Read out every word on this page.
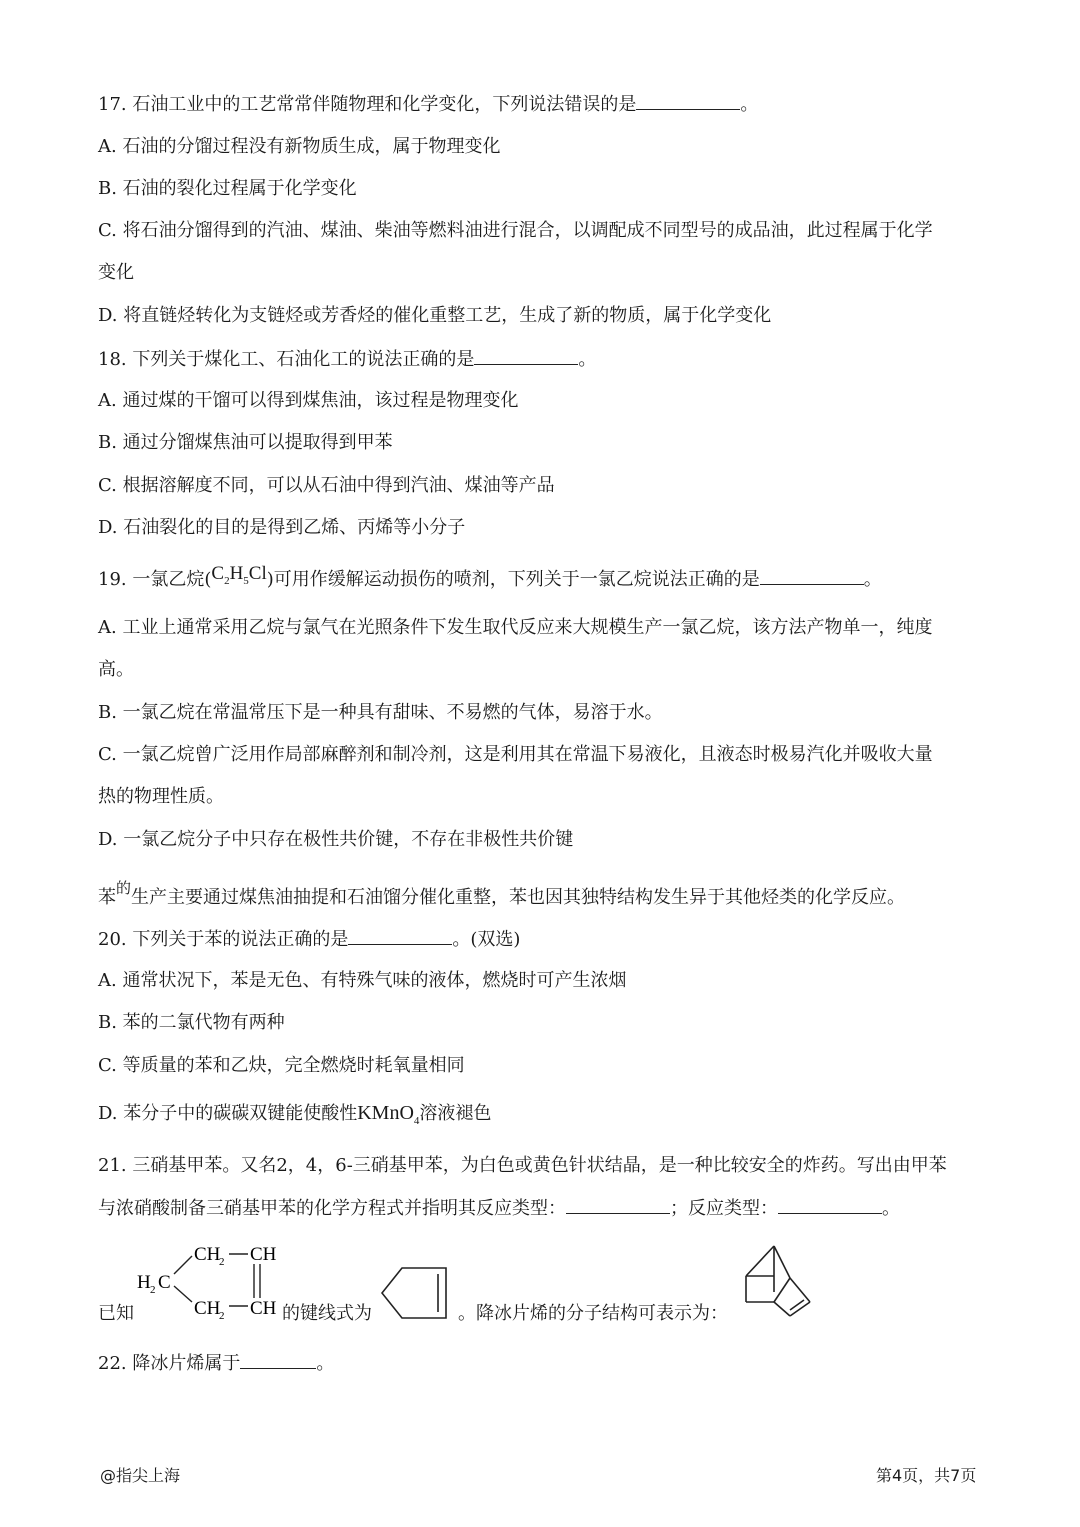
17. 石油工业中的工艺常常伴随物理和化学变化，下列说法错误的是	。
A. 石油的分馏过程没有新物质生成，属于物理变化
B. 石油的裂化过程属于化学变化
C. 将石油分馏得到的汽油、煤油、柴油等燃料油进行混合，以调配成不同型号的成品油，此过程属于化学
变化
D. 将直链烃转化为支链烃或芳香烃的催化重整工艺，生成了新的物质，属于化学变化
18. 下列关于煤化工、石油化工的说法正确的是	。
A. 通过煤的干馏可以得到煤焦油，该过程是物理变化
B. 通过分馏煤焦油可以提取得到甲苯
C. 根据溶解度不同，可以从石油中得到汽油、煤油等产品
D. 石油裂化的目的是得到乙烯、丙烯等小分子
19. 一氯乙烷$(C_2H_5Cl)$可用作缓解运动损伤的喷剂，下列关于一氯乙烷说法正确的是	。
A. 工业上通常采用乙烷与氯气在光照条件下发生取代反应来大规模生产一氯乙烷，该方法产物单一，纯度
高。
B. 一氯乙烷在常温常压下是一种具有甜味、不易燃的气体，易溶于水。
C. 一氯乙烷曾广泛用作局部麻醉剂和制冷剂，这是利用其在常温下易液化，且液态时极易汽化并吸收大量
热的物理性质。
D. 一氯乙烷分子中只存在极性共价键，不存在非极性共价键
苯$^的$生产主要通过煤焦油抽提和石油馏分催化重整，苯也因其独特结构发生异于其他烃类的化学反应。
20. 下列关于苯的说法正确的是	。(双选)
A. 通常状况下，苯是无色、有特殊气味的液体，燃烧时可产生浓烟
B. 苯的二氯代物有两种
C. 等质量的苯和乙炔，完全燃烧时耗氧量相同
D. 苯分子中的碳碳双键能使酸性KMnO$_4$溶液褪色
21. 三硝基甲苯。又名2，4，6-三硝基甲苯，为白色或黄色针状结晶，是一种比较安全的炸药。写出由甲苯
与浓硝酸制备三硝基甲苯的化学方程式并指明其反应类型：	；反应类型：	。
CH
2 CH
H 2 C
CH
2 CH
已知	的键线式为	。降冰片烯的分子结构可表示为：
22. 降冰片烯属于	。
@指尖上海	第4页，共7页
